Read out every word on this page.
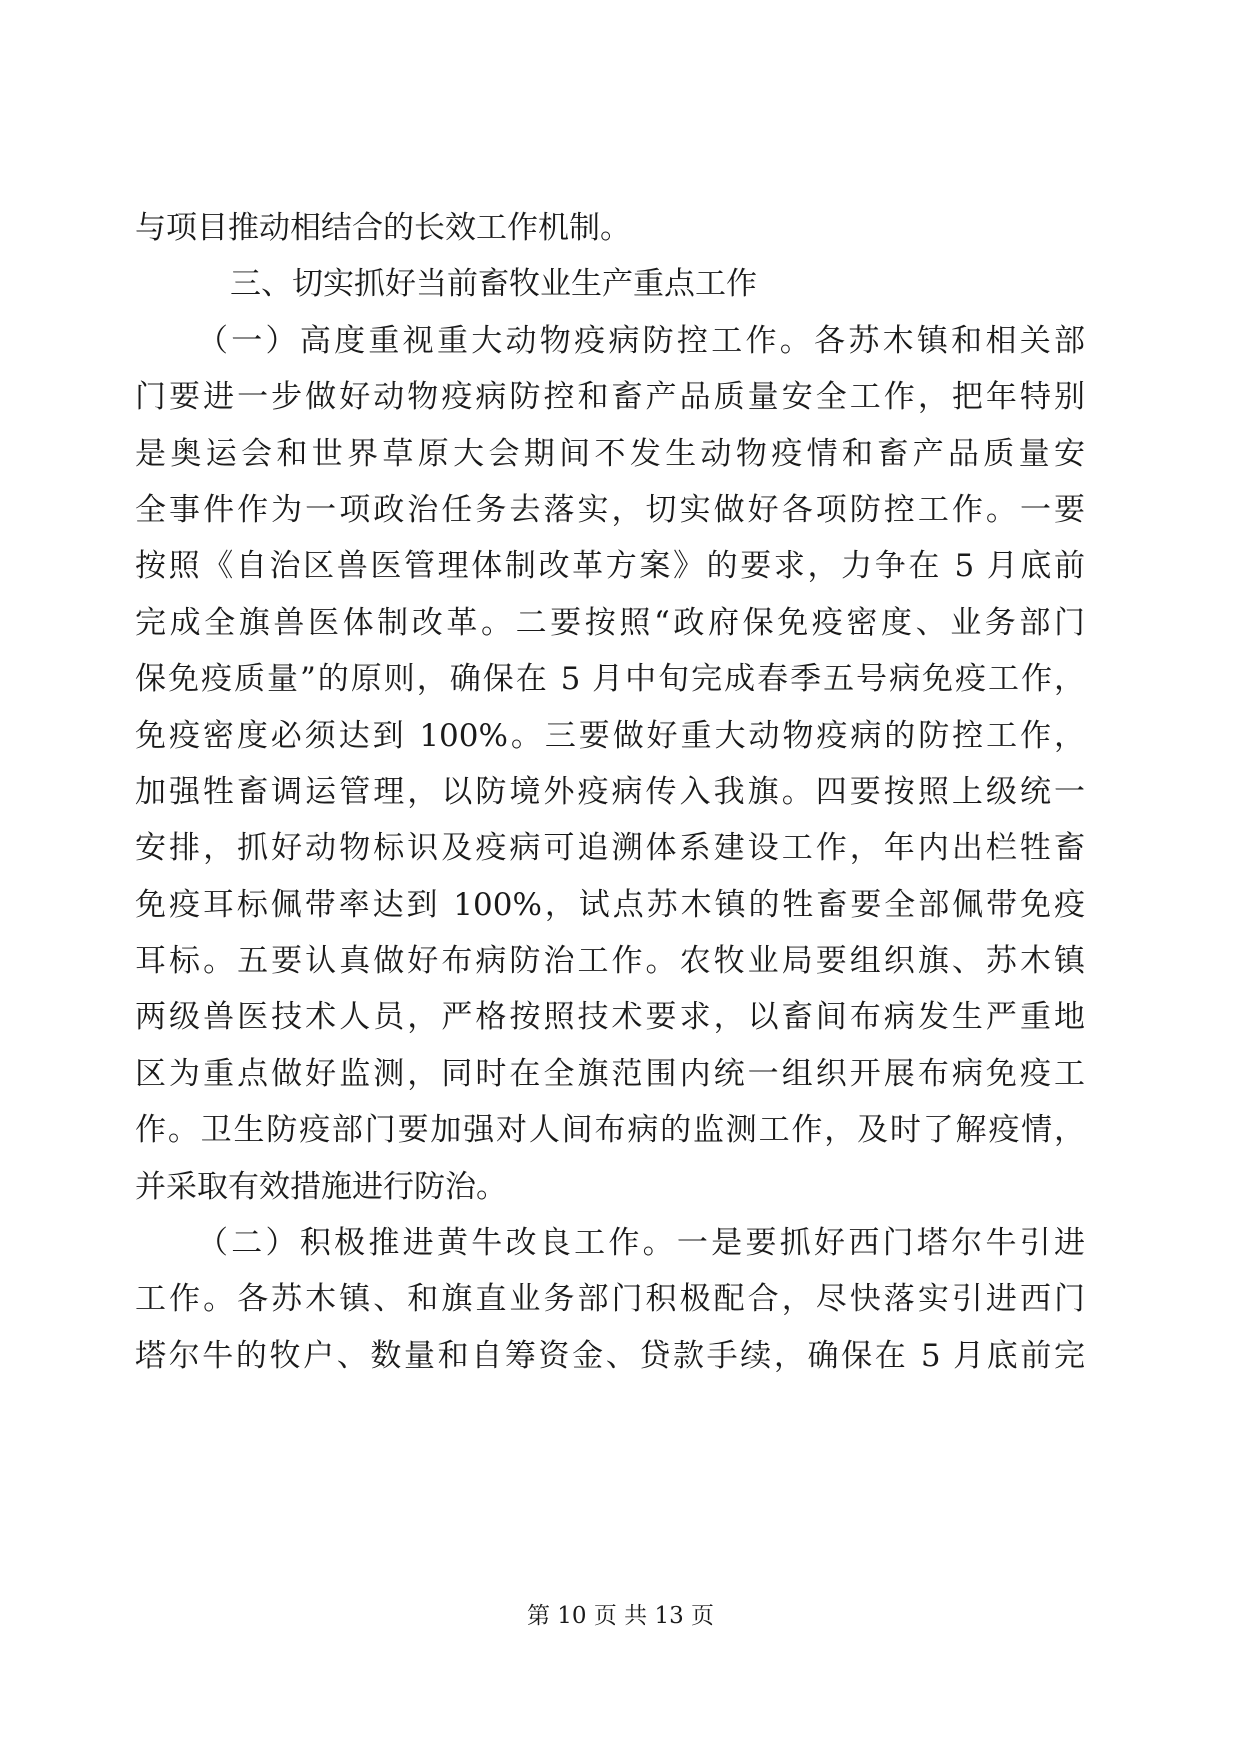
与项目推动相结合的长效工作机制。
三、切实抓好当前畜牧业生产重点工作
（一）高度重视重大动物疫病防控工作。各苏木镇和相关部
门要进一步做好动物疫病防控和畜产品质量安全工作，把年特别
是奥运会和世界草原大会期间不发生动物疫情和畜产品质量安
全事件作为一项政治任务去落实，切实做好各项防控工作。一要
按照《自治区兽医管理体制改革方案》的要求，力争在 5 月底前
完成全旗兽医体制改革。二要按照“政府保免疫密度、业务部门
保免疫质量”的原则，确保在 5 月中旬完成春季五号病免疫工作，
免疫密度必须达到 100%。三要做好重大动物疫病的防控工作，
加强牲畜调运管理，以防境外疫病传入我旗。四要按照上级统一
安排，抓好动物标识及疫病可追溯体系建设工作，年内出栏牲畜
免疫耳标佩带率达到 100%，试点苏木镇的牲畜要全部佩带免疫
耳标。五要认真做好布病防治工作。农牧业局要组织旗、苏木镇
两级兽医技术人员，严格按照技术要求，以畜间布病发生严重地
区为重点做好监测，同时在全旗范围内统一组织开展布病免疫工
作。卫生防疫部门要加强对人间布病的监测工作，及时了解疫情，
并采取有效措施进行防治。
（二）积极推进黄牛改良工作。一是要抓好西门塔尔牛引进
工作。各苏木镇、和旗直业务部门积极配合，尽快落实引进西门
塔尔牛的牧户、数量和自筹资金、贷款手续，确保在 5 月底前完
第 10 页 共 13 页
